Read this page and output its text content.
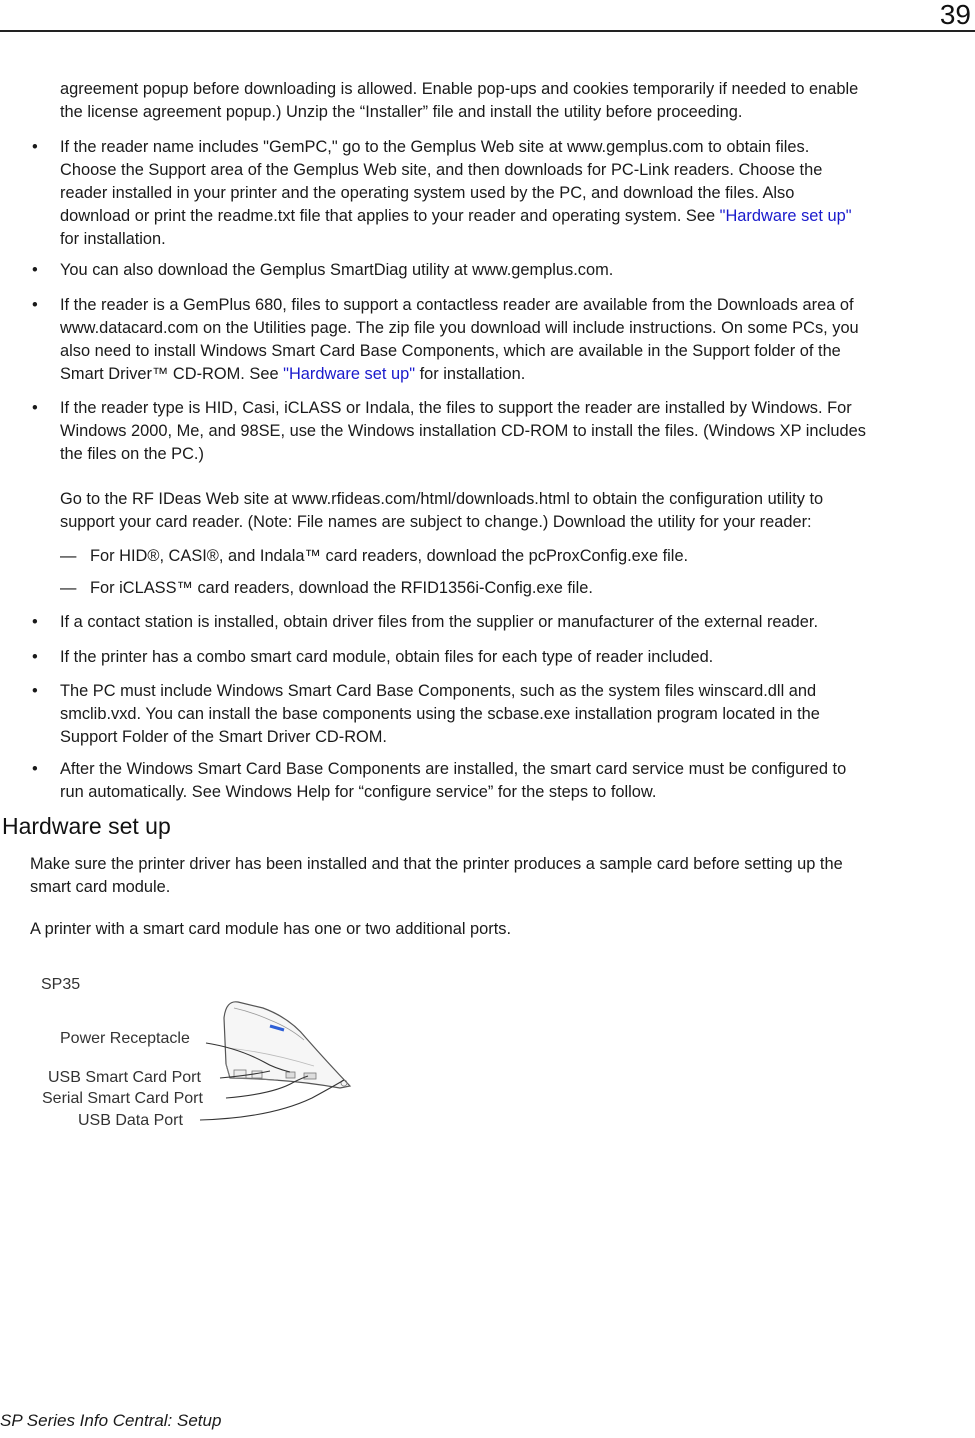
39

agreement popup before downloading is allowed. Enable pop-ups and cookies temporarily if needed to enable

the license agreement popup.) Unzip the “Installer” file and install the utility before proceeding.

• If the reader name includes "GemPC," go to the Gemplus Web site at www.gemplus.com to obtain files.

Choose the Support area of the Gemplus Web site, and then downloads for PC-Link readers. Choose the

reader installed in your printer and the operating system used by the PC, and download the files. Also

download or print the readme.txt file that applies to your reader and operating system. See "Hardware set up"

for installation.

• You can also download the Gemplus SmartDiag utility at www.gemplus.com.

• If the reader is a GemPlus 680, files to support a contactless reader are available from the Downloads area of

www.datacard.com on the Utilities page. The zip file you download will include instructions. On some PCs, you

also need to install Windows Smart Card Base Components, which are available in the Support folder of the

Smart Driver™ CD-ROM. See "Hardware set up" for installation.

• If the reader type is HID, Casi, iCLASS or Indala, the files to support the reader are installed by Windows. For

Windows 2000, Me, and 98SE, use the Windows installation CD-ROM to install the files. (Windows XP includes

the files on the PC.)

Go to the RF IDeas Web site at www.rfideas.com/html/downloads.html to obtain the configuration utility to

support your card reader. (Note: File names are subject to change.) Download the utility for your reader:

— For HID®, CASI®, and Indala™ card readers, download the pcProxConfig.exe file.

— For iCLASS™ card readers, download the RFID1356i-Config.exe file.

• If a contact station is installed, obtain driver files from the supplier or manufacturer of the external reader.

• If the printer has a combo smart card module, obtain files for each type of reader included.

• The PC must include Windows Smart Card Base Components, such as the system files winscard.dll and

smclib.vxd. You can install the base components using the scbase.exe installation program located in the

Support Folder of the Smart Driver CD-ROM.

• After the Windows Smart Card Base Components are installed, the smart card service must be configured to

run automatically. See Windows Help for “configure service” for the steps to follow.

Hardware set up

Make sure the printer driver has been installed and that the printer produces a sample card before setting up the

smart card module.

A printer with a smart card module has one or two additional ports.

SP35
Power Receptacle
USB Smart Card Port
Serial Smart Card Port
USB Data Port
SP Series Info Central: Setup
